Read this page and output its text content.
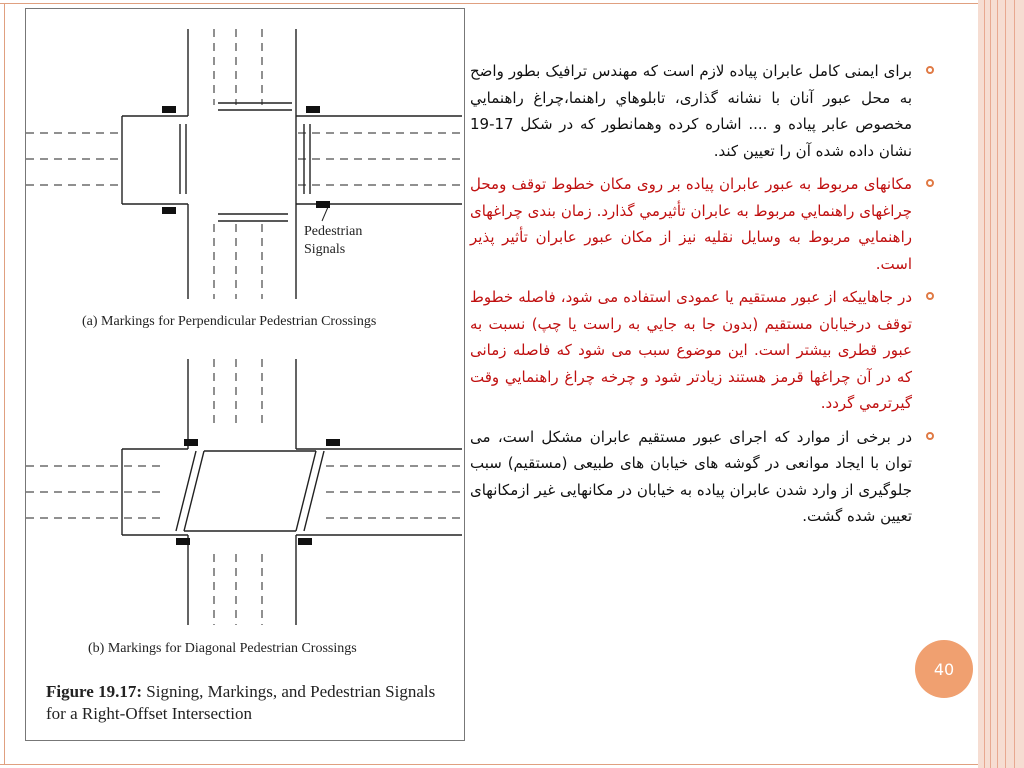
Pedestrian
Signals
(a) Markings for Perpendicular Pedestrian Crossings
(b) Markings for Diagonal Pedestrian Crossings
Figure 19.17: Signing, Markings, and Pedestrian Signals for a Right-Offset Intersection
برای ایمنی کامل عابران پیاده لازم است که مهندس ترافیک بطور واضح به محل عبور آنان با نشانه گذاری، تابلوهاي راهنما،چراغ راهنمايي مخصوص عابر پیاده و .... اشاره کرده وهمانطور که در شکل 17-19 نشان داده شده آن را تعیین کند.
مکانهای مربوط به عبور عابران پیاده بر روی مکان خطوط توقف ومحل چراغهای راهنمايي مربوط به عابران تأثيرمي گذارد. زمان بندی چراغهای راهنمايي مربوط به وسايل نقلیه نیز از مکان عبور عابران تأثیر پذیر است.
در جاهاییکه از عبور مستقیم یا عمودی استفاده می شود، فاصله خطوط توقف درخيابان مستقیم (بدون جا به جايي به راست یا چپ) نسبت به عبور قطری بیشتر است. این موضوع سبب می شود که فاصله زمانی که در آن چراغها قرمز هستند زيادتر شود و چرخه چراغ راهنمايي وقت گيرترمي گردد.
در برخی از موارد که اجرای عبور مستقیم عابران مشکل است، می توان با ایجاد موانعی در گوشه های خیابان های طبیعی (مستقیم) سبب جلوگیری از وارد شدن عابران پیاده به خیابان در مکانهایی غیر ازمکانهای تعیین شده گشت.
40
